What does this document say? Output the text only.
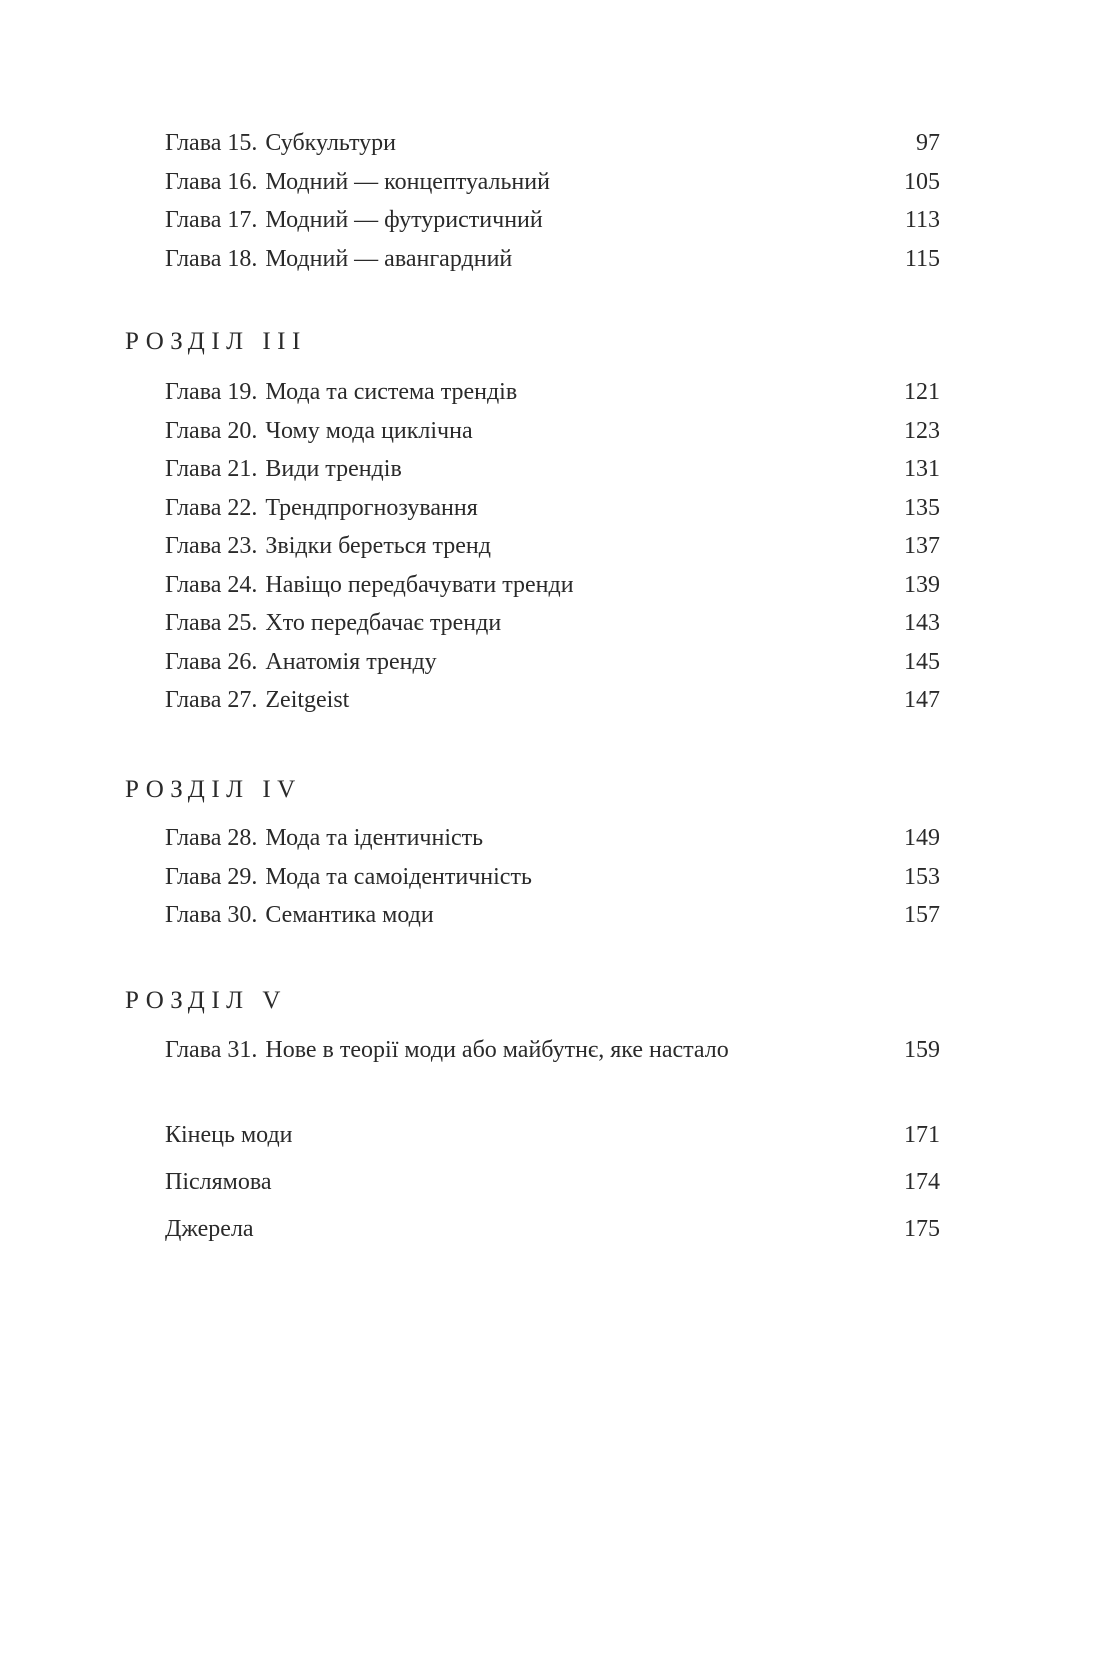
Глава 15. Субкультури	97
Глава 16. Модний — концептуальний	105
Глава 17. Модний — футуристичний	113
Глава 18. Модний — авангардний	115
РОЗДІЛ III
Глава 19. Мода та система трендів	121
Глава 20. Чому мода циклічна	123
Глава 21. Види трендів	131
Глава 22. Трендпрогнозування	135
Глава 23. Звідки береться тренд	137
Глава 24. Навіщо передбачувати тренди	139
Глава 25. Хто передбачає тренди	143
Глава 26. Анатомія тренду	145
Глава 27. Zeitgeist	147
РОЗДІЛ IV
Глава 28. Мода та ідентичність	149
Глава 29. Мода та самоідентичність	153
Глава 30. Семантика моди	157
РОЗДІЛ V
Глава 31. Нове в теорії моди або майбутнє, яке настало	159
Кінець моди	171
Післямова	174
Джерела	175
